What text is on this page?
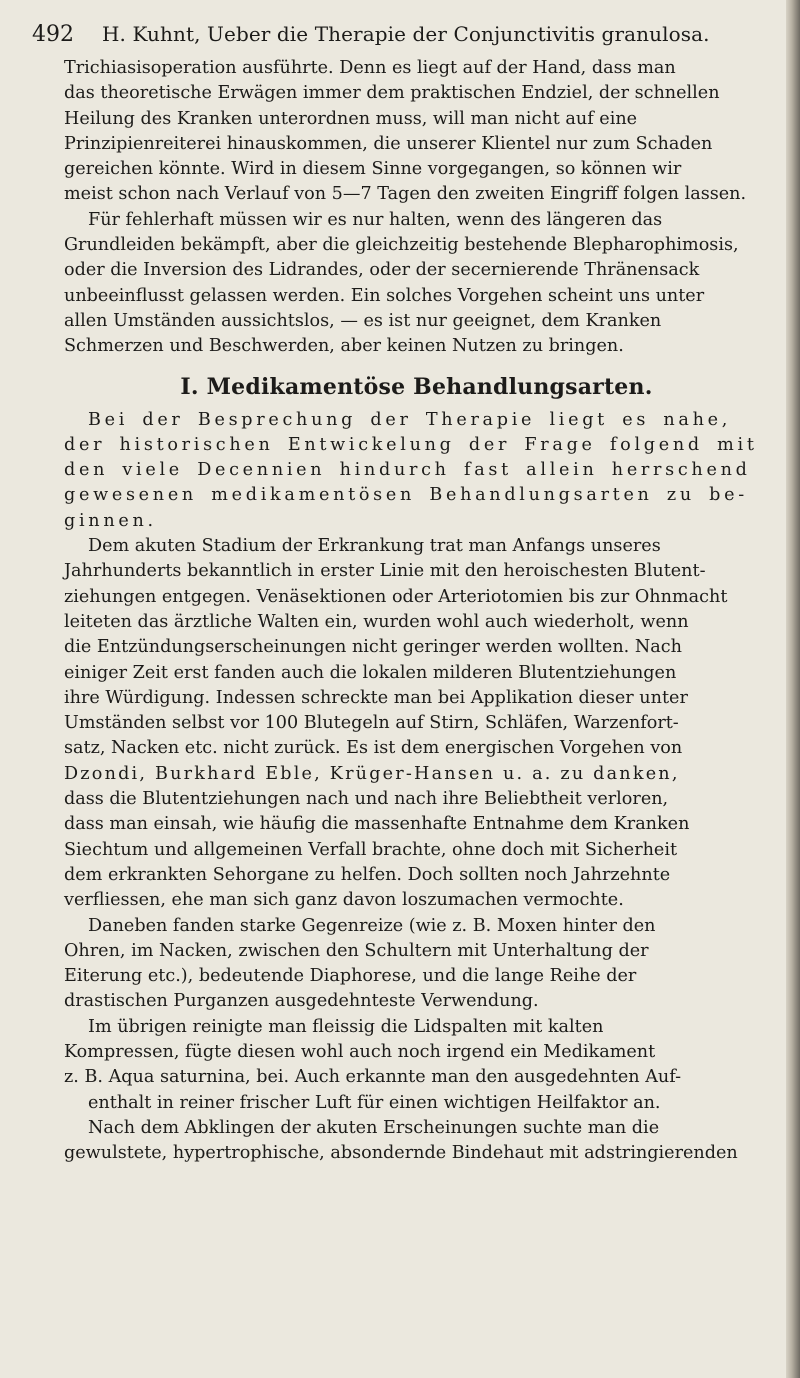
492	H. Kuhnt, Ueber die Therapie der Conjunctivitis granulosa.

Trichiasisoperation ausführte. Denn es liegt auf der Hand, dass man
das theoretische Erwägen immer dem praktischen Endziel, der schnellen
Heilung des Kranken unterordnen muss, will man nicht auf eine
Prinzipienreiterei hinauskommen, die unserer Klientel nur zum Schaden
gereichen könnte. Wird in diesem Sinne vorgegangen, so können wir
meist schon nach Verlauf von 5—7 Tagen den zweiten Eingriff folgen lassen.

Für fehlerhaft müssen wir es nur halten, wenn des längeren das
Grundleiden bekämpft, aber die gleichzeitig bestehende Blepharophimosis,
oder die Inversion des Lidrandes, oder der secernierende Thränensack
unbeeinflusst gelassen werden. Ein solches Vorgehen scheint uns unter
allen Umständen aussichtslos, — es ist nur geeignet, dem Kranken
Schmerzen und Beschwerden, aber keinen Nutzen zu bringen.

I. Medikamentöse Behandlungsarten.

Bei der Besprechung der Therapie liegt es nahe,
der historischen Entwickelung der Frage folgend mit
den viele Decennien hindurch fast allein herrschend
gewesenen medikamentösen Behandlungsarten zu be-
ginnen.

Dem akuten Stadium der Erkrankung trat man Anfangs unseres
Jahrhunderts bekanntlich in erster Linie mit den heroischesten Blutent-
ziehungen entgegen. Venäsektionen oder Arteriotomien bis zur Ohnmacht
leiteten das ärztliche Walten ein, wurden wohl auch wiederholt, wenn
die Entzündungserscheinungen nicht geringer werden wollten. Nach
einiger Zeit erst fanden auch die lokalen milderen Blutentziehungen
ihre Würdigung. Indessen schreckte man bei Applikation dieser unter
Umständen selbst vor 100 Blutegeln auf Stirn, Schläfen, Warzenfort-
satz, Nacken etc. nicht zurück. Es ist dem energischen Vorgehen von

Dzondi, Burkhard Eble, Krüger-Hansen u. a. zu danken,
dass die Blutentziehungen nach und nach ihre Beliebtheit verloren,
dass man einsah, wie häufig die massenhafte Entnahme dem Kranken
Siechtum und allgemeinen Verfall brachte, ohne doch mit Sicherheit
dem erkrankten Sehorgane zu helfen. Doch sollten noch Jahrzehnte
verfliessen, ehe man sich ganz davon loszumachen vermochte.

Daneben fanden starke Gegenreize (wie z. B. Moxen hinter den
Ohren, im Nacken, zwischen den Schultern mit Unterhaltung der
Eiterung etc.), bedeutende Diaphorese, und die lange Reihe der
drastischen Purganzen ausgedehnteste Verwendung.

Im übrigen reinigte man fleissig die Lidspalten mit kalten
Kompressen, fügte diesen wohl auch noch irgend ein Medikament
z. B. Aqua saturnina, bei. Auch erkannte man den ausgedehnten Auf-
enthalt in reiner frischer Luft für einen wichtigen Heilfaktor an.

Nach dem Abklingen der akuten Erscheinungen suchte man die
gewulstete, hypertrophische, absondernde Bindehaut mit adstringierenden
